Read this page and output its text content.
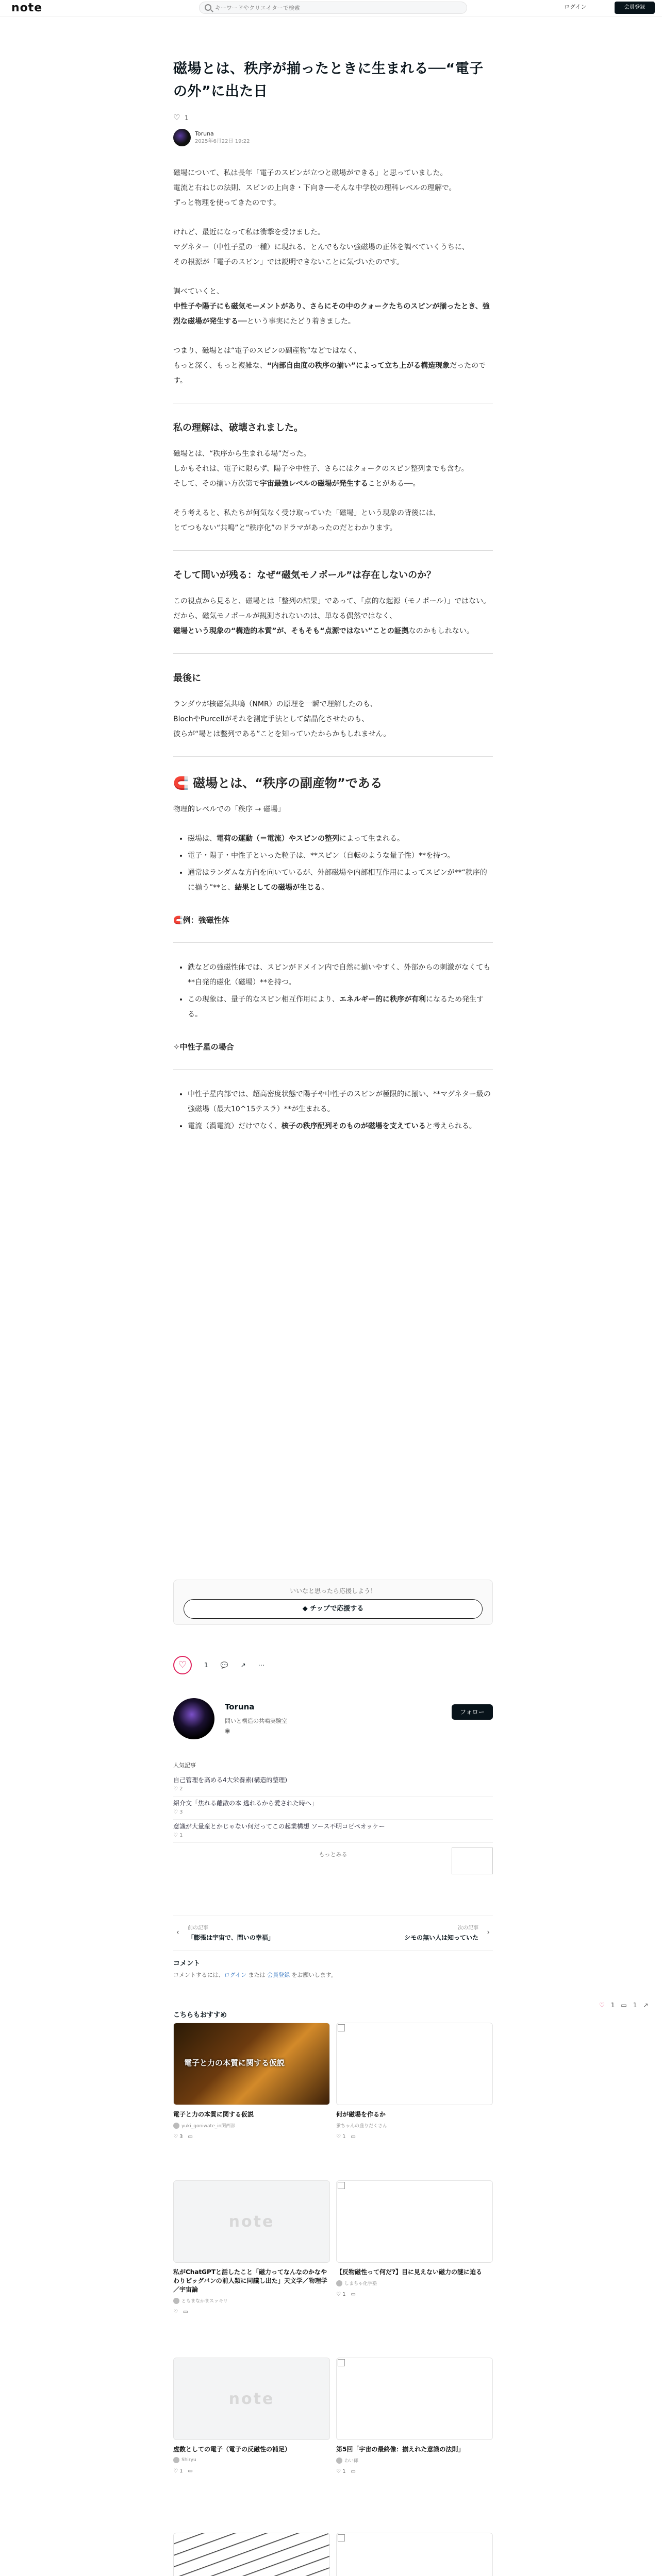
note
キーワードやクリエイターで検索	ログイン	会員登録
磁場とは、秩序が揃ったときに生まれる──“電子の外”に出た日
♡
1
Toruna
2025年6月22日 19:22

磁場について、私は長年「電子のスピンが立つと磁場ができる」と思っていました。
電流と右ねじの法則、スピンの上向き・下向き──そんな中学校の理科レベルの理解で。
ずっと物理を使ってきたのです。

けれど、最近になって私は衝撃を受けました。
マグネター（中性子星の一種）に現れる、とんでもない強磁場の正体を調べていくうちに、
その根源が「電子のスピン」では説明できないことに気づいたのです。

調べていくと、
中性子や陽子にも磁気モーメントがあり、さらにその中のクォークたちのスピンが揃ったとき、強烈な磁場が発生する──という事実にたどり着きました。

つまり、磁場とは“電子のスピンの副産物”などではなく、
もっと深く、もっと複雑な、“内部自由度の秩序の揃い”によって立ち上がる構造現象だったのです。

私の理解は、破壊されました。

磁場とは、“秩序から生まれる場”だった。
しかもそれは、電子に限らず、陽子や中性子、さらにはクォークのスピン整列までも含む。
そして、その揃い方次第で宇宙最強レベルの磁場が発生することがある──。

そう考えると、私たちが何気なく受け取っていた「磁場」という現象の背後には、
とてつもない“共鳴”と“秩序化”のドラマがあったのだとわかります。

そして問いが残る：なぜ“磁気モノポール”は存在しないのか？

この視点から見ると、磁場とは「整列の結果」であって、「点的な起源（モノポール）」ではない。
だから、磁気モノポールが観測されないのは、単なる偶然ではなく、
磁場という現象の“構造的本質”が、そもそも“点源ではない”ことの証拠なのかもしれない。

最後に

ランダウが核磁気共鳴（NMR）の原理を一瞬で理解したのも、
BlochやPurcellがそれを測定手法として結晶化させたのも、
彼らが“場とは整列である”ことを知っていたからかもしれません。

🧲 磁場とは、“秩序の副産物”である

物理的レベルでの「秩序 → 磁場」

• 磁場は、電荷の運動（＝電流）やスピンの整列によって生まれる。
• 電子・陽子・中性子といった粒子は、**スピン（自転のような量子性）**を持つ。
• 通常はランダムな方向を向いているが、外部磁場や内部相互作用によってスピンが**“秩序的に揃う”**と、結果としての磁場が生じる。
🧲例：強磁性体
• 鉄などの強磁性体では、スピンがドメイン内で自然に揃いやすく、外部からの刺激がなくても**自発的磁化（磁場）**を持つ。
• この現象は、量子的なスピン相互作用により、エネルギー的に秩序が有利になるため発生する。
✧中性子星の場合
• 中性子星内部では、超高密度状態で陽子や中性子のスピンが極限的に揃い、**マグネター級の強磁場（最大10^15テスラ）**が生まれる。
• 電流（渦電流）だけでなく、核子の秩序配列そのものが磁場を支えていると考えられる。
いいなと思ったら応援しよう！
◆ チップで応援する
♡	1 💬 ↗ ⋯
Toruna
問いと構造の共鳴実験室
◉
フォロー
人気記事
自己管理を高める4大栄養素(構造的整理)
♡ 2
紹介文「焦れる離散の本 逃れるから愛された時へ」
♡ 3
意識が大量産とかじゃない何だってこの起業構想 ソース不明コピペオッケー
♡ 1
もっとみる
‹
前の記事
「膨張は宇宙で、問いの幸福」
次の記事
シモの無い人は知っていた
›
コメント
コメントするには、ログイン または 会員登録 をお願いします。
♡ 1 ▭ 1 ↗
こちらもおすすめ
電子と力の本質に関する仮説
電子と力の本質に関する仮説
yuki_goniwate_in関西部
♡ 3　▭
何が磁場を作るか
蛍ちゃんの盛りだくさん
♡ 1　▭
note
私がChatGPTと話したこと「磁力ってなんなのかなやわりピッグバンの前人類に同議し出た」天文学／物理学／宇宙論
ともまなかまスッキリ
♡　▭
【反物磁性って何だ?】目に見えない磁力の謎に迫る
しまちゃ化学塾
♡ 1　▭
note
虚数としての電子（電子の反磁性の補足）
Shiryu
♡ 1　▭
第5回「宇宙の最終像：揃えれた意識の法則」
わい郎
♡ 1　▭
